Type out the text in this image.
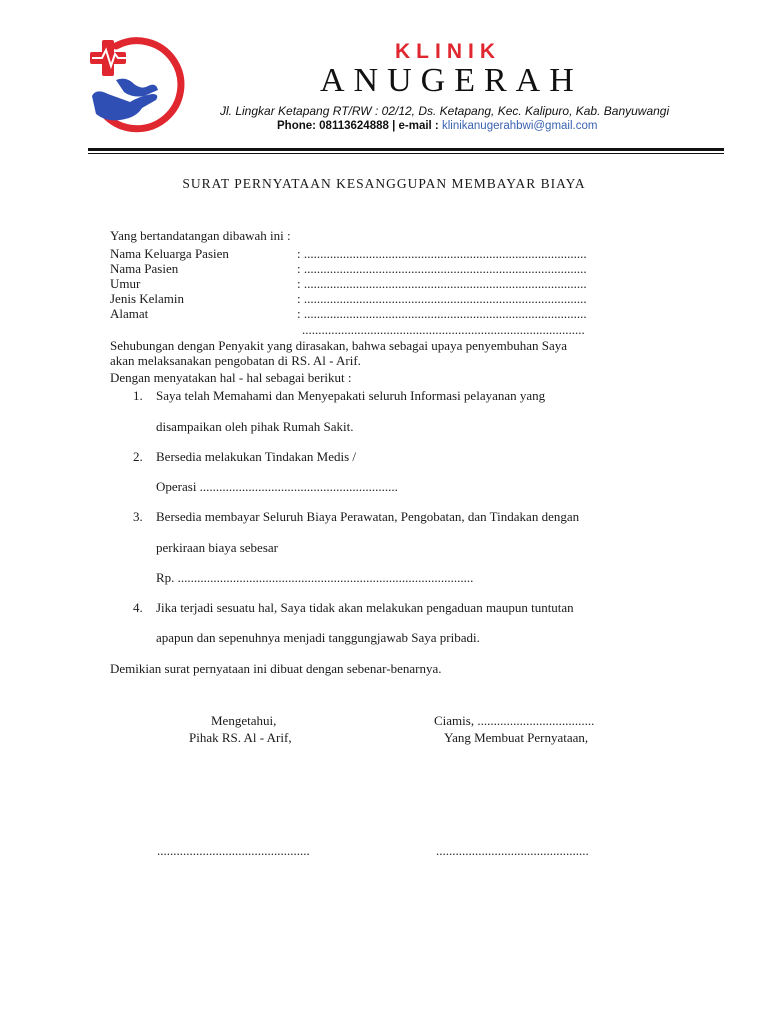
KLINIK
ANUGERAH
Jl. Lingkar Ketapang RT/RW : 02/12, Ds. Ketapang, Kec. Kalipuro, Kab. Banyuwangi
Phone: 08113624888 | e-mail : klinikanugerahbwi@gmail.com
SURAT PERNYATAAN KESANGGUPAN MEMBAYAR BIAYA
Yang bertandatangan dibawah ini :
Nama Keluarga Pasien	: .......................................................................................
Nama Pasien	: .......................................................................................
Umur	: .......................................................................................
Jenis Kelamin	: .......................................................................................
Alamat	: .......................................................................................
.......................................................................................
Sehubungan dengan Penyakit yang dirasakan, bahwa sebagai upaya penyembuhan Saya
akan melaksanakan pengobatan di RS. Al - Arif.
Dengan menyatakan hal - hal sebagai berikut :
1. Saya telah Memahami dan Menyepakati seluruh Informasi pelayanan yang
disampaikan oleh pihak Rumah Sakit.
2. Bersedia melakukan Tindakan Medis /
Operasi .............................................................
3. Bersedia membayar Seluruh Biaya Perawatan, Pengobatan, dan Tindakan dengan
perkiraan biaya sebesar
Rp. ...........................................................................................
4. Jika terjadi sesuatu hal, Saya tidak akan melakukan pengaduan maupun tuntutan
apapun dan sepenuhnya menjadi tanggungjawab Saya pribadi.
Demikian surat pernyataan ini dibuat dengan sebenar-benarnya.
Mengetahui,
Pihak RS. Al - Arif,
Ciamis, ....................................
Yang Membuat Pernyataan,
...............................................	...............................................
